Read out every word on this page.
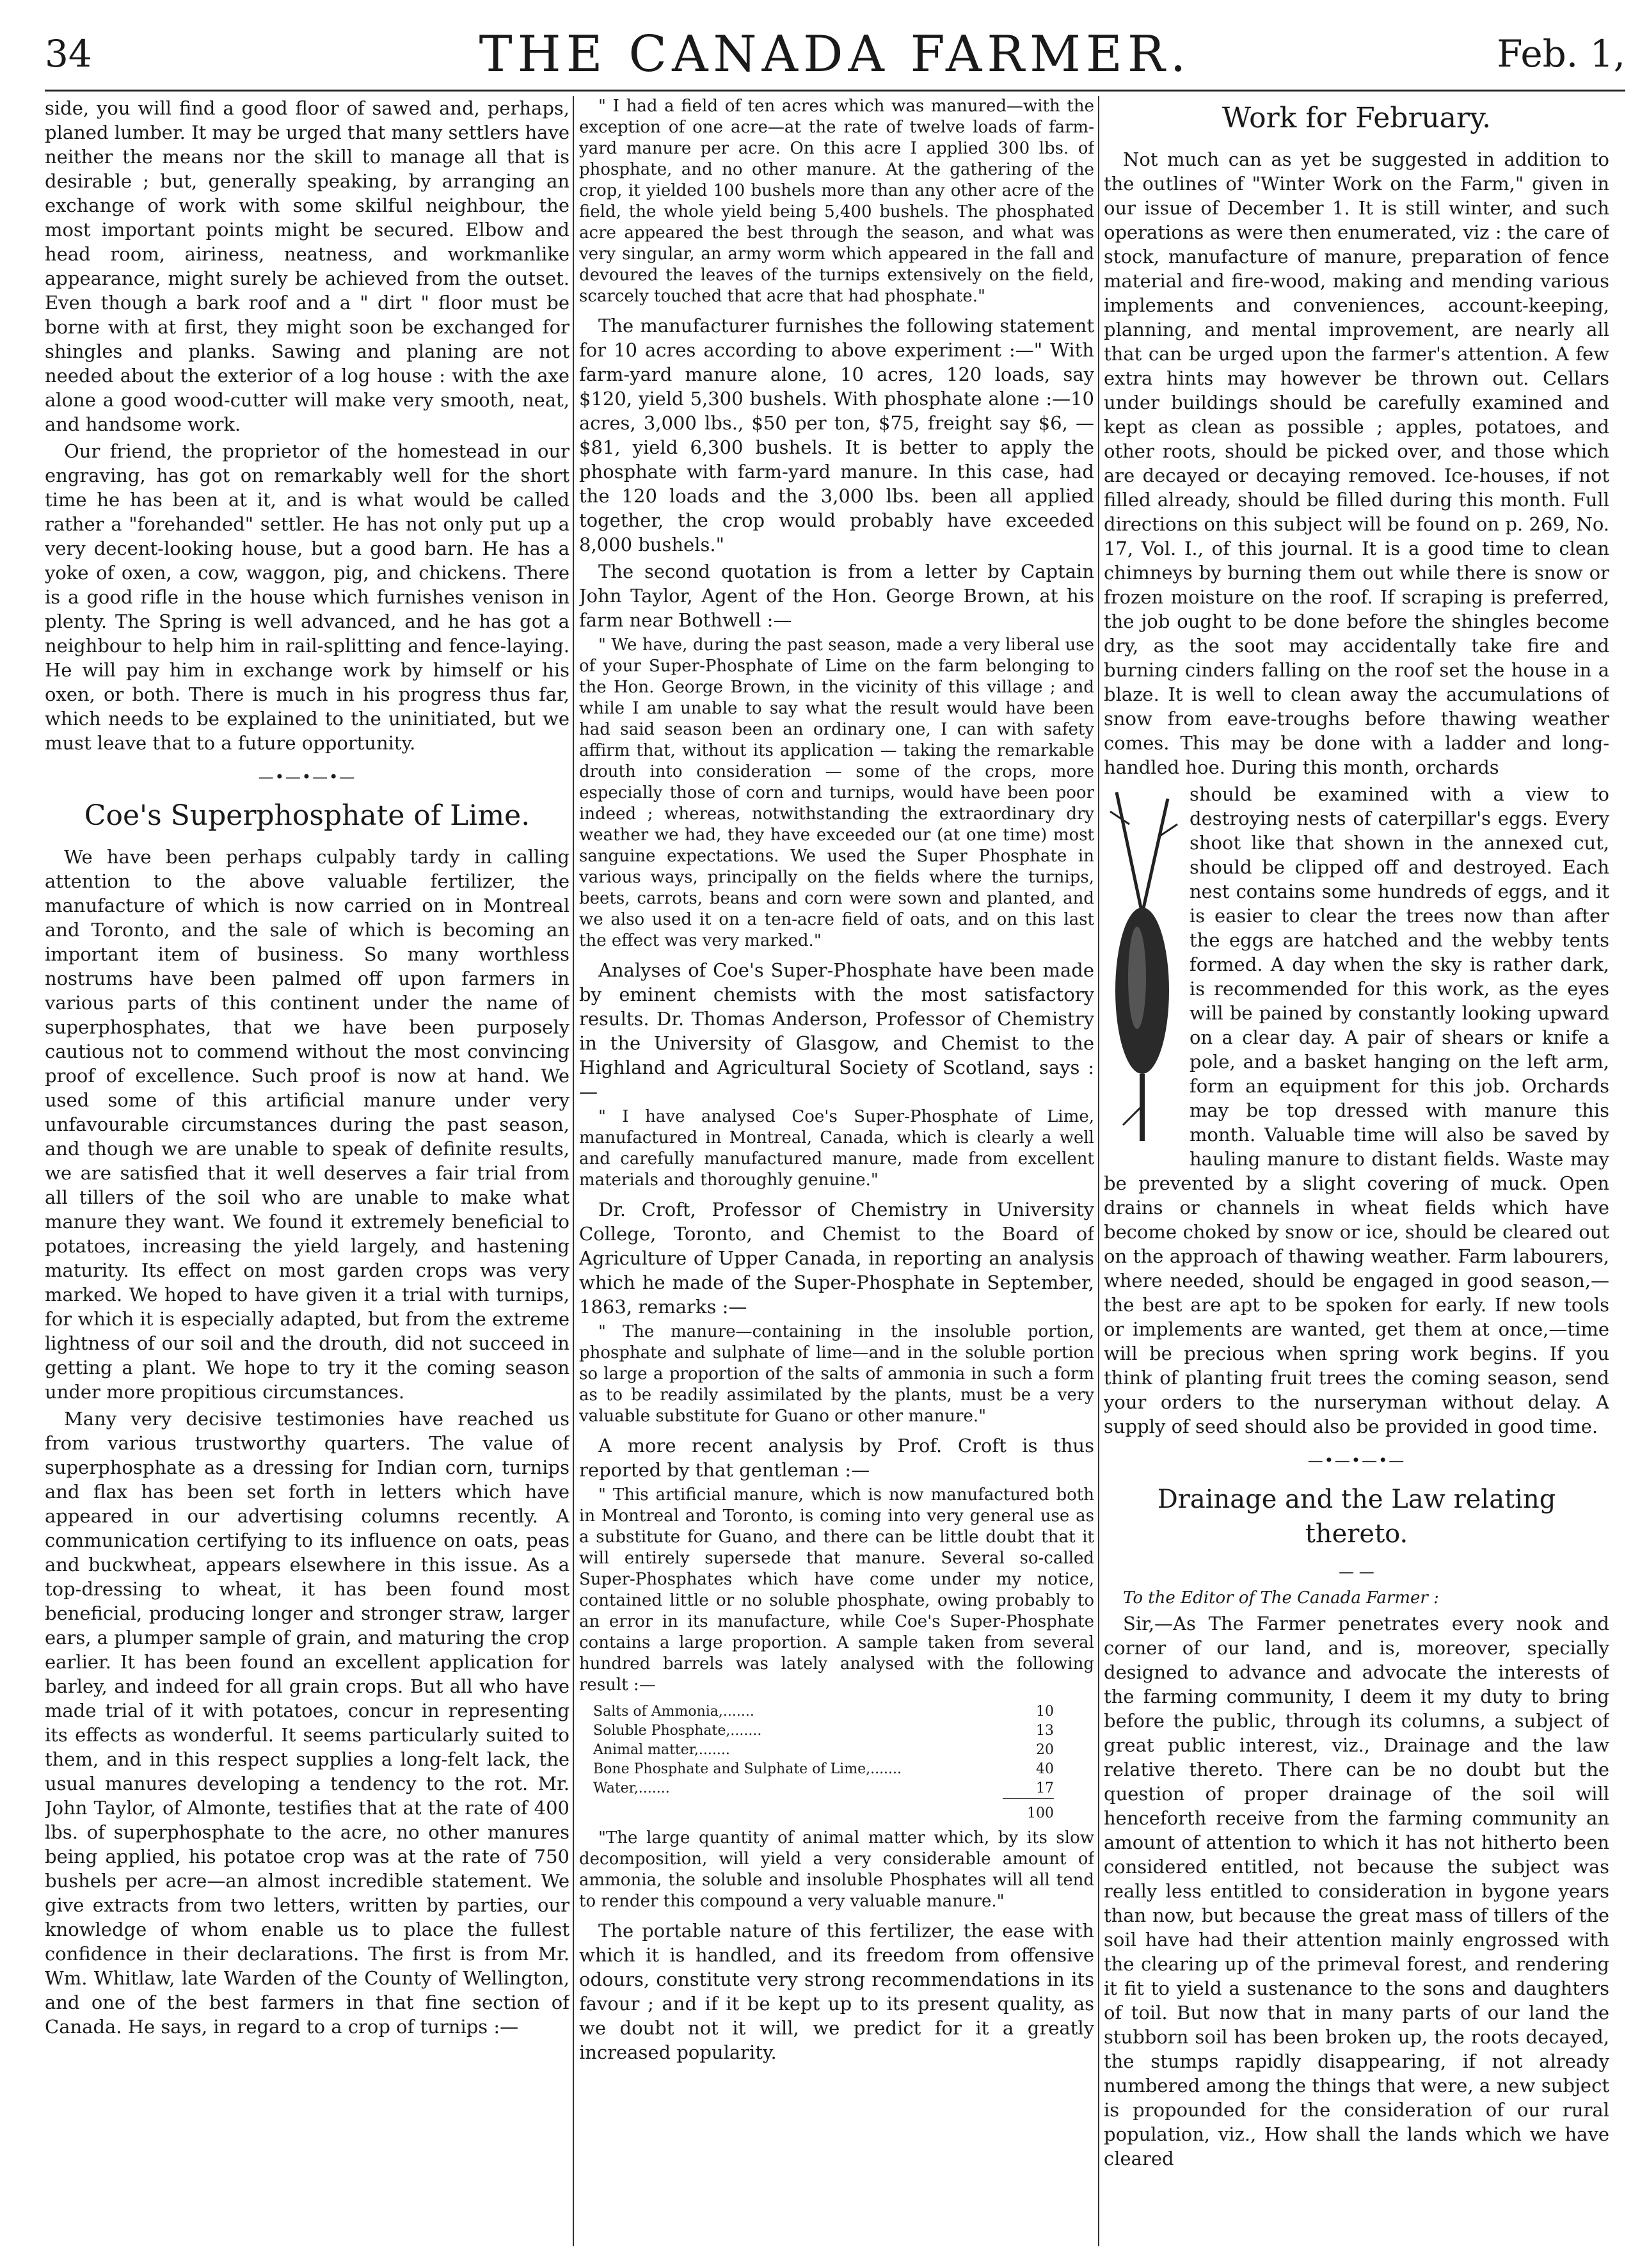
34	THE CANADA FARMER.	Feb. 1,

side, you will find a good floor of sawed and, perhaps, planed lumber. It may be urged that many settlers have neither the means nor the skill to manage all that is desirable ; but, generally speaking, by arranging an exchange of work with some skilful neighbour, the most important points might be secured. Elbow and head room, airiness, neatness, and workmanlike appearance, might surely be achieved from the outset. Even though a bark roof and a " dirt " floor must be borne with at first, they might soon be exchanged for shingles and planks. Sawing and planing are not needed about the exterior of a log house : with the axe alone a good wood-cutter will make very smooth, neat, and handsome work.

Our friend, the proprietor of the homestead in our engraving, has got on remarkably well for the short time he has been at it, and is what would be called rather a "forehanded" settler. He has not only put up a very decent-looking house, but a good barn. He has a yoke of oxen, a cow, waggon, pig, and chickens. There is a good rifle in the house which furnishes venison in plenty. The Spring is well advanced, and he has got a neighbour to help him in rail-splitting and fence-laying. He will pay him in exchange work by himself or his oxen, or both. There is much in his progress thus far, which needs to be explained to the uninitiated, but we must leave that to a future opportunity.

—•—•—•—
Coe's Superphosphate of Lime.

We have been perhaps culpably tardy in calling attention to the above valuable fertilizer, the manufacture of which is now carried on in Montreal and Toronto, and the sale of which is becoming an important item of business. So many worthless nostrums have been palmed off upon farmers in various parts of this continent under the name of superphosphates, that we have been purposely cautious not to commend without the most convincing proof of excellence. Such proof is now at hand. We used some of this artificial manure under very unfavourable circumstances during the past season, and though we are unable to speak of definite results, we are satisfied that it well deserves a fair trial from all tillers of the soil who are unable to make what manure they want. We found it extremely beneficial to potatoes, increasing the yield largely, and hastening maturity. Its effect on most garden crops was very marked. We hoped to have given it a trial with turnips, for which it is especially adapted, but from the extreme lightness of our soil and the drouth, did not succeed in getting a plant. We hope to try it the coming season under more propitious circumstances.

Many very decisive testimonies have reached us from various trustworthy quarters. The value of superphosphate as a dressing for Indian corn, turnips and flax has been set forth in letters which have appeared in our advertising columns recently. A communication certifying to its influence on oats, peas and buckwheat, appears elsewhere in this issue. As a top-dressing to wheat, it has been found most beneficial, producing longer and stronger straw, larger ears, a plumper sample of grain, and maturing the crop earlier. It has been found an excellent application for barley, and indeed for all grain crops. But all who have made trial of it with potatoes, concur in representing its effects as wonderful. It seems particularly suited to them, and in this respect supplies a long-felt lack, the usual manures developing a tendency to the rot. Mr. John Taylor, of Almonte, testifies that at the rate of 400 lbs. of superphosphate to the acre, no other manures being applied, his potatoe crop was at the rate of 750 bushels per acre—an almost incredible statement. We give extracts from two letters, written by parties, our knowledge of whom enable us to place the fullest confidence in their declarations. The first is from Mr. Wm. Whitlaw, late Warden of the County of Wellington, and one of the best farmers in that fine section of Canada. He says, in regard to a crop of turnips :—

" I had a field of ten acres which was manured—with the exception of one acre—at the rate of twelve loads of farm-yard manure per acre. On this acre I applied 300 lbs. of phosphate, and no other manure. At the gathering of the crop, it yielded 100 bushels more than any other acre of the field, the whole yield being 5,400 bushels. The phosphated acre appeared the best through the season, and what was very singular, an army worm which appeared in the fall and devoured the leaves of the turnips extensively on the field, scarcely touched that acre that had phosphate."

The manufacturer furnishes the following statement for 10 acres according to above experiment :—" With farm-yard manure alone, 10 acres, 120 loads, say $120, yield 5,300 bushels. With phosphate alone :—10 acres, 3,000 lbs., $50 per ton, $75, freight say $6, —$81, yield 6,300 bushels. It is better to apply the phosphate with farm-yard manure. In this case, had the 120 loads and the 3,000 lbs. been all applied together, the crop would probably have exceeded 8,000 bushels."

The second quotation is from a letter by Captain John Taylor, Agent of the Hon. George Brown, at his farm near Bothwell :—

" We have, during the past season, made a very liberal use of your Super-Phosphate of Lime on the farm belonging to the Hon. George Brown, in the vicinity of this village ; and while I am unable to say what the result would have been had said season been an ordinary one, I can with safety affirm that, without its application — taking the remarkable drouth into consideration — some of the crops, more especially those of corn and turnips, would have been poor indeed ; whereas, notwithstanding the extraordinary dry weather we had, they have exceeded our (at one time) most sanguine expectations. We used the Super Phosphate in various ways, principally on the fields where the turnips, beets, carrots, beans and corn were sown and planted, and we also used it on a ten-acre field of oats, and on this last the effect was very marked."

Analyses of Coe's Super-Phosphate have been made by eminent chemists with the most satisfactory results. Dr. Thomas Anderson, Professor of Chemistry in the University of Glasgow, and Chemist to the Highland and Agricultural Society of Scotland, says :—

" I have analysed Coe's Super-Phosphate of Lime, manufactured in Montreal, Canada, which is clearly a well and carefully manufactured manure, made from excellent materials and thoroughly genuine."

Dr. Croft, Professor of Chemistry in University College, Toronto, and Chemist to the Board of Agriculture of Upper Canada, in reporting an analysis which he made of the Super-Phosphate in September, 1863, remarks :—

" The manure—containing in the insoluble portion, phosphate and sulphate of lime—and in the soluble portion so large a proportion of the salts of ammonia in such a form as to be readily assimilated by the plants, must be a very valuable substitute for Guano or other manure."

A more recent analysis by Prof. Croft is thus reported by that gentleman :—

" This artificial manure, which is now manufactured both in Montreal and Toronto, is coming into very general use as a substitute for Guano, and there can be little doubt that it will entirely supersede that manure. Several so-called Super-Phosphates which have come under my notice, contained little or no soluble phosphate, owing probably to an error in its manufacture, while Coe's Super-Phosphate contains a large proportion. A sample taken from several hundred barrels was lately analysed with the following result :—

Salts of Ammonia,.......	10
Soluble Phosphate,.......	13
Animal matter,.......	20
Bone Phosphate and Sulphate of Lime,.......	40
Water,.......	17
100

"The large quantity of animal matter which, by its slow decomposition, will yield a very considerable amount of ammonia, the soluble and insoluble Phosphates will all tend to render this compound a very valuable manure."

The portable nature of this fertilizer, the ease with which it is handled, and its freedom from offensive odours, constitute very strong recommendations in its favour ; and if it be kept up to its present quality, as we doubt not it will, we predict for it a greatly increased popularity.

Work for February.

Not much can as yet be suggested in addition to the outlines of "Winter Work on the Farm," given in our issue of December 1. It is still winter, and such operations as were then enumerated, viz : the care of stock, manufacture of manure, preparation of fence material and fire-wood, making and mending various implements and conveniences, account-keeping, planning, and mental improvement, are nearly all that can be urged upon the farmer's attention. A few extra hints may however be thrown out. Cellars under buildings should be carefully examined and kept as clean as possible ; apples, potatoes, and other roots, should be picked over, and those which are decayed or decaying removed. Ice-houses, if not filled already, should be filled during this month. Full directions on this subject will be found on p. 269, No. 17, Vol. I., of this journal. It is a good time to clean chimneys by burning them out while there is snow or frozen moisture on the roof. If scraping is preferred, the job ought to be done before the shingles become dry, as the soot may accidentally take fire and burning cinders falling on the roof set the house in a blaze. It is well to clean away the accumulations of snow from eave-troughs before thawing weather comes. This may be done with a ladder and long-handled hoe. During this month, orchards

should be examined with a view to destroying nests of caterpillar's eggs. Every shoot like that shown in the annexed cut, should be clipped off and destroyed. Each nest contains some hundreds of eggs, and it is easier to clear the trees now than after the eggs are hatched and the webby tents formed. A day when the sky is rather dark, is recommended for this work, as the eyes will be pained by constantly looking upward on a clear day. A pair of shears or knife a pole, and a basket hanging on the left arm, form an equipment for this job. Orchards may be top dressed with manure this month. Valuable time will also be saved by hauling manure to distant fields. Waste may be prevented by a slight covering of muck. Open drains or channels in wheat fields which have become choked by snow or ice, should be cleared out on the approach of thawing weather. Farm labourers, where needed, should be engaged in good season,—the best are apt to be spoken for early. If new tools or implements are wanted, get them at once,—time will be precious when spring work begins. If you think of planting fruit trees the coming season, send your orders to the nurseryman without delay. A supply of seed should also be provided in good time.

—•—•—•—
Drainage and the Law relating thereto.
— —

To the Editor of The Canada Farmer :

Sir,—As The Farmer penetrates every nook and corner of our land, and is, moreover, specially designed to advance and advocate the interests of the farming community, I deem it my duty to bring before the public, through its columns, a subject of great public interest, viz., Drainage and the law relative thereto. There can be no doubt but the question of proper drainage of the soil will henceforth receive from the farming community an amount of attention to which it has not hitherto been considered entitled, not because the subject was really less entitled to consideration in bygone years than now, but because the great mass of tillers of the soil have had their attention mainly engrossed with the clearing up of the primeval forest, and rendering it fit to yield a sustenance to the sons and daughters of toil. But now that in many parts of our land the stubborn soil has been broken up, the roots decayed, the stumps rapidly disappearing, if not already numbered among the things that were, a new subject is propounded for the consideration of our rural population, viz., How shall the lands which we have cleared
